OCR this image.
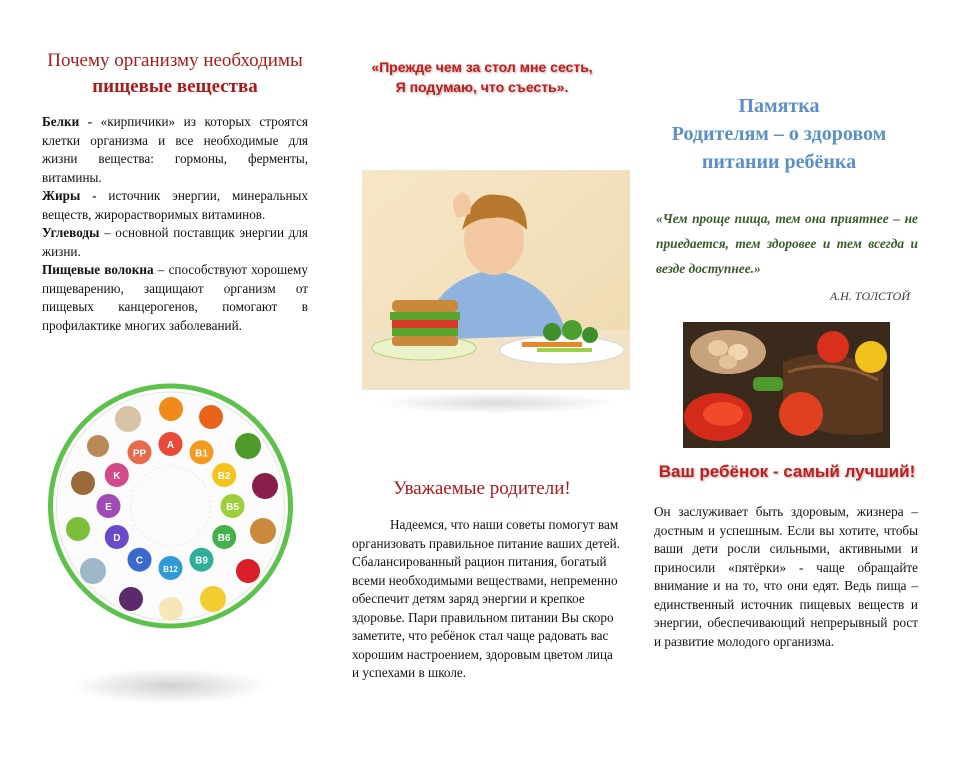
Почему организму необходимы
пищевые вещества

Белки - «кирпичики» из которых строятся клетки организма и все необходимые для жизни вещества: гормоны, ферменты, витамины.

Жиры - источник энергии, минеральных веществ, жирорастворимых витаминов.

Углеводы – основной поставщик энергии для жизни.

Пищевые волокна – способствуют хорошему пищеварению, защищают организм от пищевых канцерогенов, помогают в профилактике многих заболеваний.

A
B1
B2
B5
B6
B9
B12
C
D
E
K
PP
«Прежде чем за стол мне сесть,
Я подумаю, что съесть».
Уважаемые родители!
Надеемся, что наши советы помогут вам организовать правильное питание ваших детей. Сбалансированный рацион питания, богатый всеми необходимыми веществами, непременно обеспечит детям заряд энергии и крепкое здоровье. Пари правильном питании Вы скоро заметите, что ребёнок стал чаще радовать вас хорошим настроением, здоровым цветом лица и успехами в школе.
Памятка
Родителям – о здоровом
питании ребёнка
«Чем проще пища, тем она приятнее – не приедается, тем здоровее и тем всегда и везде доступнее.»
А.Н. ТОЛСТОЙ
Ваш ребёнок - самый лучший!
Он заслуживает быть здоровым, жизнера – достным и успешным. Если вы хотите, чтобы ваши дети росли сильными, активными и приносили «пятёрки» - чаще обращайте внимание и на то, что они едят. Ведь пища – единственный источник пищевых веществ и энергии, обеспечивающий непрерывный рост и развитие молодого организма.
